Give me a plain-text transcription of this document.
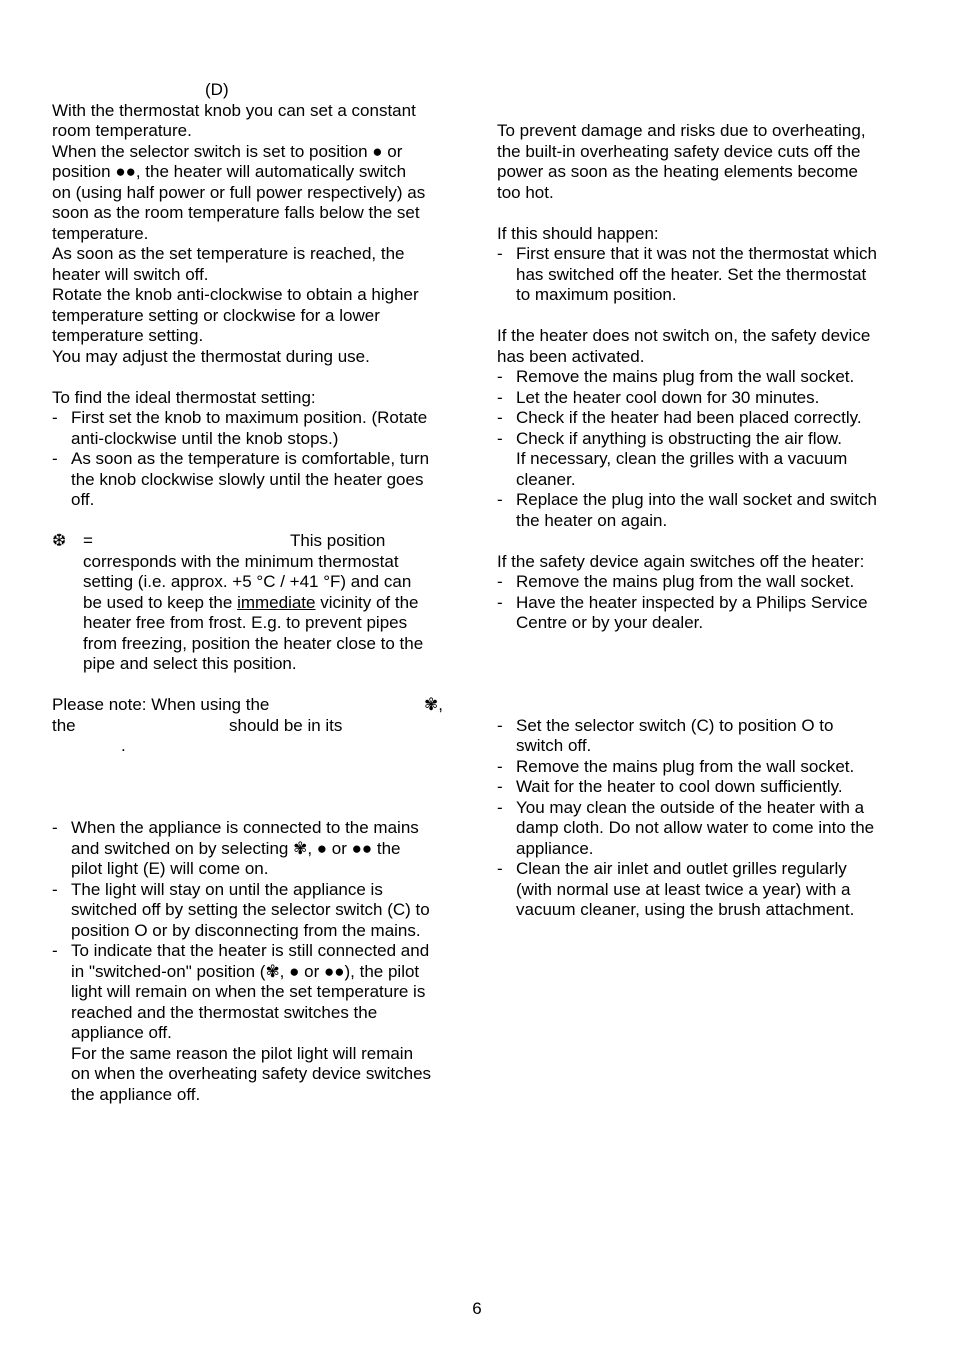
(D)

With the thermostat knob you can set a constant

room temperature.

When the selector switch is set to position ● or

position ●●, the heater will automatically switch

on (using half power or full power respectively) as

soon as the room temperature falls below the set

temperature.

As soon as the set temperature is reached, the

heater will switch off.

Rotate the knob anti-clockwise to obtain a higher

temperature setting or clockwise for a lower

temperature setting.

You may adjust the thermostat during use.

To find the ideal thermostat setting:

- First set the knob to maximum position. (Rotate

anti-clockwise until the knob stops.)

- As soon as the temperature is comfortable, turn

the knob clockwise slowly until the heater goes

off.

❆ =	This position

corresponds with the minimum thermostat

setting (i.e. approx. +5 °C / +41 °F) and can

be used to keep the immediate vicinity of the

heater free from frost. E.g. to prevent pipes

from freezing, position the heater close to the

pipe and select this position.

Please note: When using the	✾,

the	should be in its

.

- When the appliance is connected to the mains

and switched on by selecting ✾, ● or ●● the

pilot light (E) will come on.

- The light will stay on until the appliance is

switched off by setting the selector switch (C) to

position O or by disconnecting from the mains.

- To indicate that the heater is still connected and

in "switched-on" position (✾, ● or ●●), the pilot

light will remain on when the set temperature is

reached and the thermostat switches the

appliance off.

For the same reason the pilot light will remain

on when the overheating safety device switches

the appliance off.

To prevent damage and risks due to overheating,

the built-in overheating safety device cuts off the

power as soon as the heating elements become

too hot.

If this should happen:

- First ensure that it was not the thermostat which

has switched off the heater. Set the thermostat

to maximum position.

If the heater does not switch on, the safety device

has been activated.

- Remove the mains plug from the wall socket.

- Let the heater cool down for 30 minutes.

- Check if the heater had been placed correctly.

- Check if anything is obstructing the air flow.

If necessary, clean the grilles with a vacuum

cleaner.

- Replace the plug into the wall socket and switch

the heater on again.

If the safety device again switches off the heater:

- Remove the mains plug from the wall socket.

- Have the heater inspected by a Philips Service

Centre or by your dealer.

- Set the selector switch (C) to position O to

switch off.

- Remove the mains plug from the wall socket.

- Wait for the heater to cool down sufficiently.

- You may clean the outside of the heater with a

damp cloth. Do not allow water to come into the

appliance.

- Clean the air inlet and outlet grilles regularly

(with normal use at least twice a year) with a

vacuum cleaner, using the brush attachment.

6
